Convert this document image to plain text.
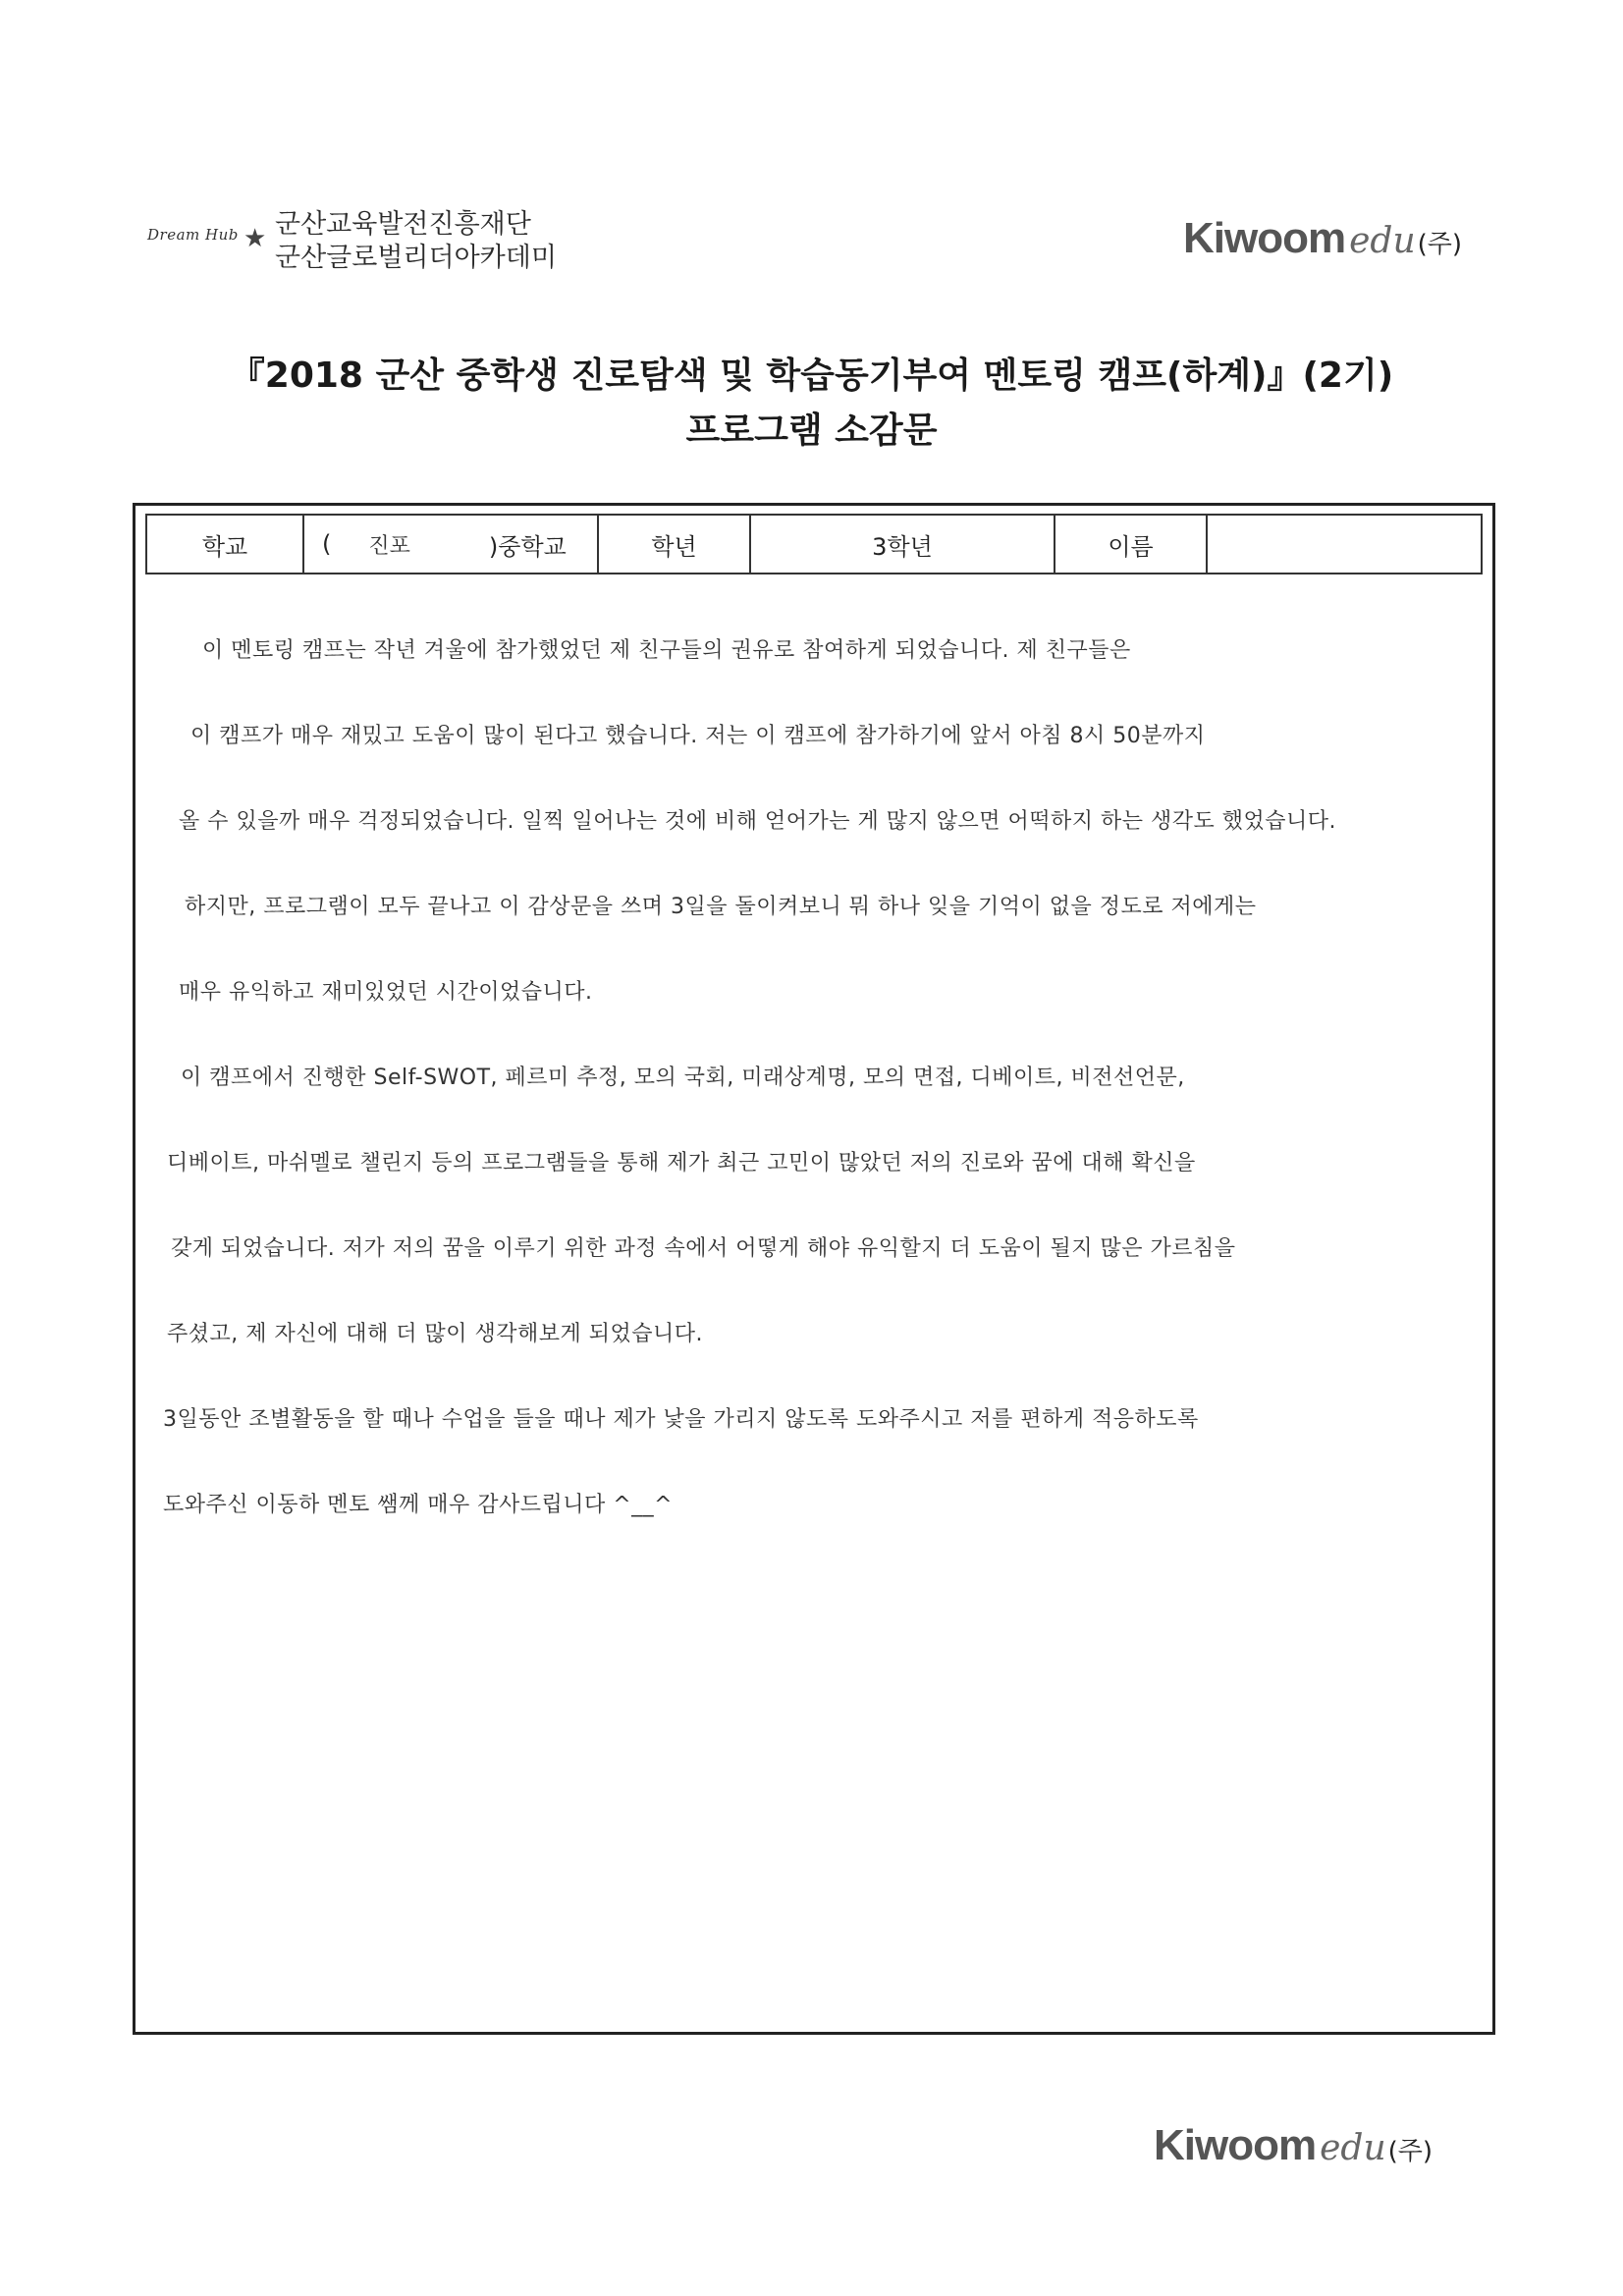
Dream Hub ★ 군산교육발전진흥재단
군산글로벌리더아카데미	Kiwoom edu(주)
『2018 군산 중학생 진로탐색 및 학습동기부여 멘토링 캠프(하계)』(2기)
프로그램 소감문
학교	( 진포	)중학교	학년	3학년	이름
이 멘토링 캠프는 작년 겨울에 참가했었던 제 친구들의 권유로 참여하게 되었습니다. 제 친구들은
이 캠프가 매우 재밌고 도움이 많이 된다고 했습니다. 저는 이 캠프에 참가하기에 앞서 아침 8시 50분까지
올 수 있을까 매우 걱정되었습니다. 일찍 일어나는 것에 비해 얻어가는 게 많지 않으면 어떡하지 하는 생각도 했었습니다.
하지만, 프로그램이 모두 끝나고 이 감상문을 쓰며 3일을 돌이켜보니 뭐 하나 잊을 기억이 없을 정도로 저에게는
매우 유익하고 재미있었던 시간이었습니다.
이 캠프에서 진행한 Self-SWOT, 페르미 추정, 모의 국회, 미래상계명, 모의 면접, 디베이트, 비전선언문,
디베이트, 마쉬멜로 챌린지 등의 프로그램들을 통해 제가 최근 고민이 많았던 저의 진로와 꿈에 대해 확신을
갖게 되었습니다. 저가 저의 꿈을 이루기 위한 과정 속에서 어떻게 해야 유익할지 더 도움이 될지 많은 가르침을
주셨고, 제 자신에 대해 더 많이 생각해보게 되었습니다.
3일동안 조별활동을 할 때나 수업을 들을 때나 제가 낯을 가리지 않도록 도와주시고 저를 편하게 적응하도록
도와주신 이동하 멘토 쌤께 매우 감사드립니다 ^__^
Kiwoom edu(주)
